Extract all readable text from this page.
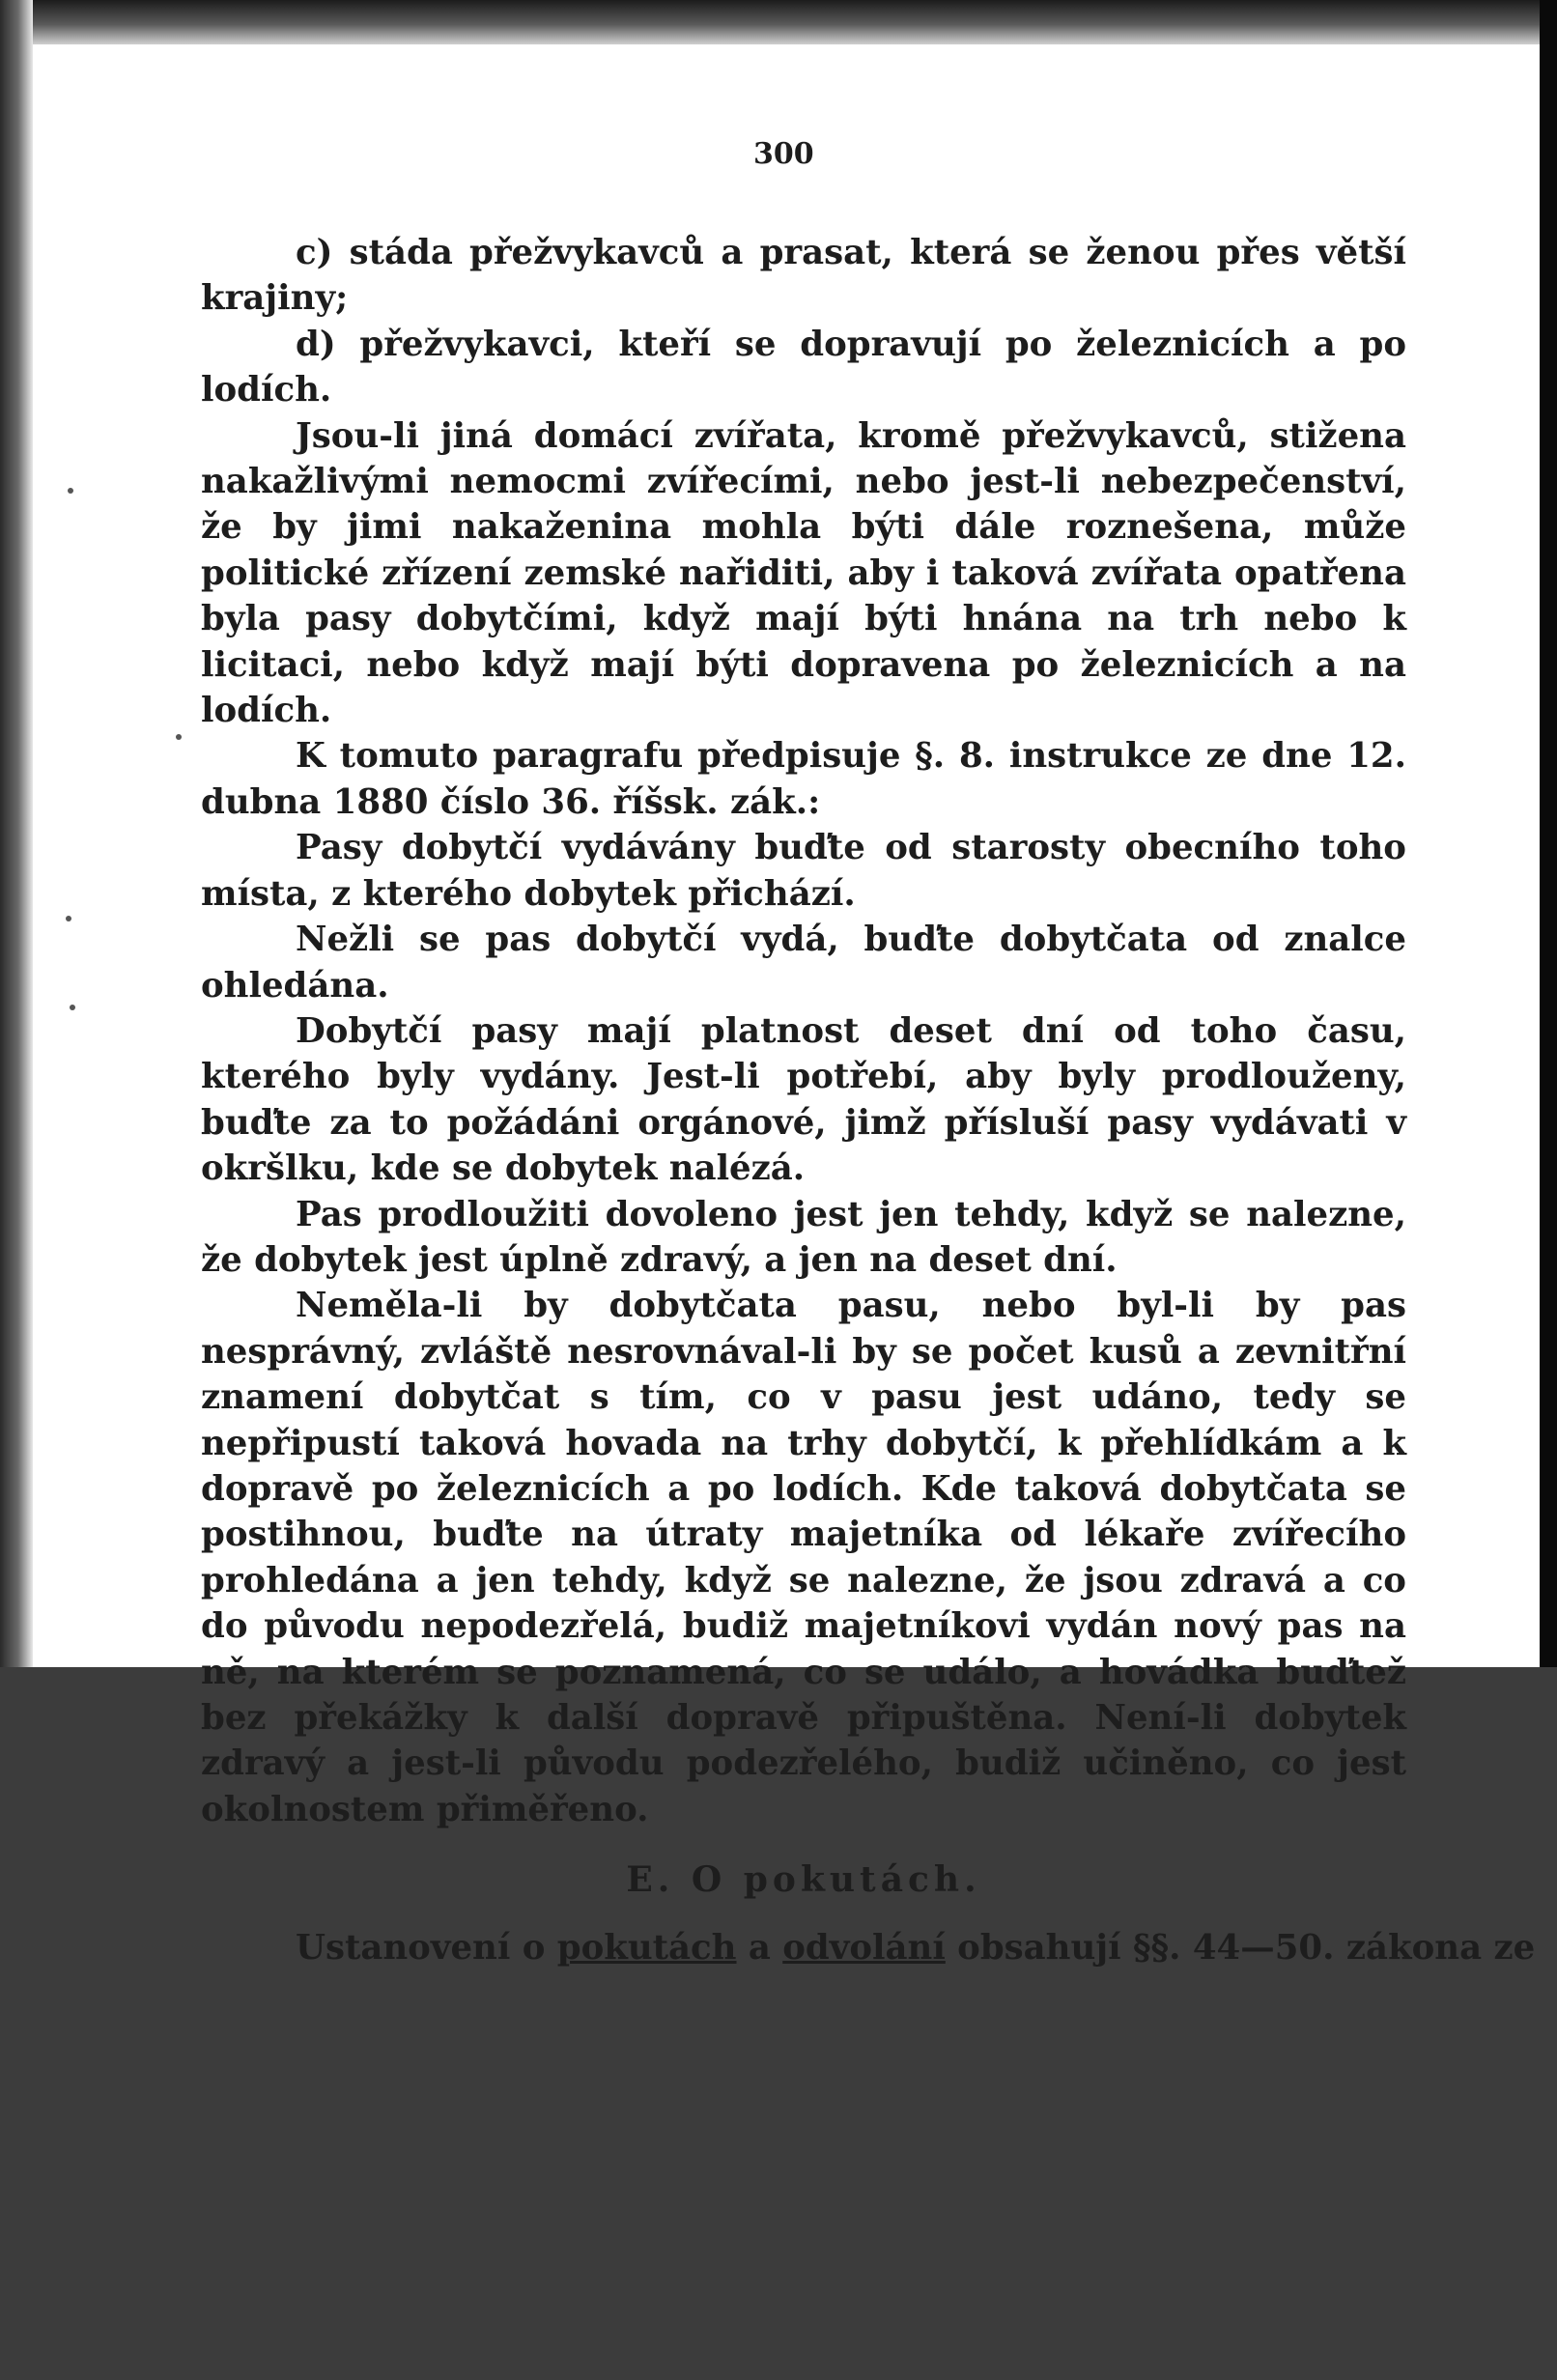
300

c) stáda přežvykavců a prasat, která se ženou přes větší krajiny;

d) přežvykavci, kteří se dopravují po železnicích a po lodích.

Jsou-li jiná domácí zvířata, kromě přežvykavců, stižena nakažlivými nemocmi zvířecími, nebo jest-li nebezpečenství, že by jimi nakaženina mohla býti dále roznešena, může politické zřízení zemské nařiditi, aby i taková zvířata opatřena byla pasy dobytčími, když mají býti hnána na trh nebo k licitaci, nebo když mají býti dopravena po železnicích a na lodích.

K tomuto paragrafu předpisuje §. 8. instrukce ze dne 12. dubna 1880 číslo 36. říšsk. zák.:

Pasy dobytčí vydávány buďte od starosty obecního toho místa, z kterého dobytek přichází.

Nežli se pas dobytčí vydá, buďte dobytčata od znalce ohledána.

Dobytčí pasy mají platnost deset dní od toho času, kterého byly vydány. Jest-li potřebí, aby byly prodlouženy, buďte za to požádáni orgánové, jimž přísluší pasy vydávati v okršlku, kde se dobytek nalézá.

Pas prodloužiti dovoleno jest jen tehdy, když se nalezne, že dobytek jest úplně zdravý, a jen na deset dní.

Neměla-li by dobytčata pasu, nebo byl-li by pas nesprávný, zvláště nesrovnával-li by se počet kusů a zevnitřní znamení dobytčat s tím, co v pasu jest udáno, tedy se nepřipustí taková hovada na trhy dobytčí, k přehlídkám a k dopravě po železnicích a po lodích. Kde taková dobytčata se postihnou, buďte na útraty majetníka od lékaře zvířecího prohledána a jen tehdy, když se nalezne, že jsou zdravá a co do původu nepodezřelá, budiž majetníkovi vydán nový pas na ně, na kterém se poznamená, co se událo, a hovádka buďtež bez překážky k další dopravě připuštěna. Není-li dobytek zdravý a jest-li původu podezřelého, budiž učiněno, co jest okolnostem přiměřeno.

E. O pokutách.

Ustanovení o pokutách a odvolání obsahují §§. 44—50. zákona ze
